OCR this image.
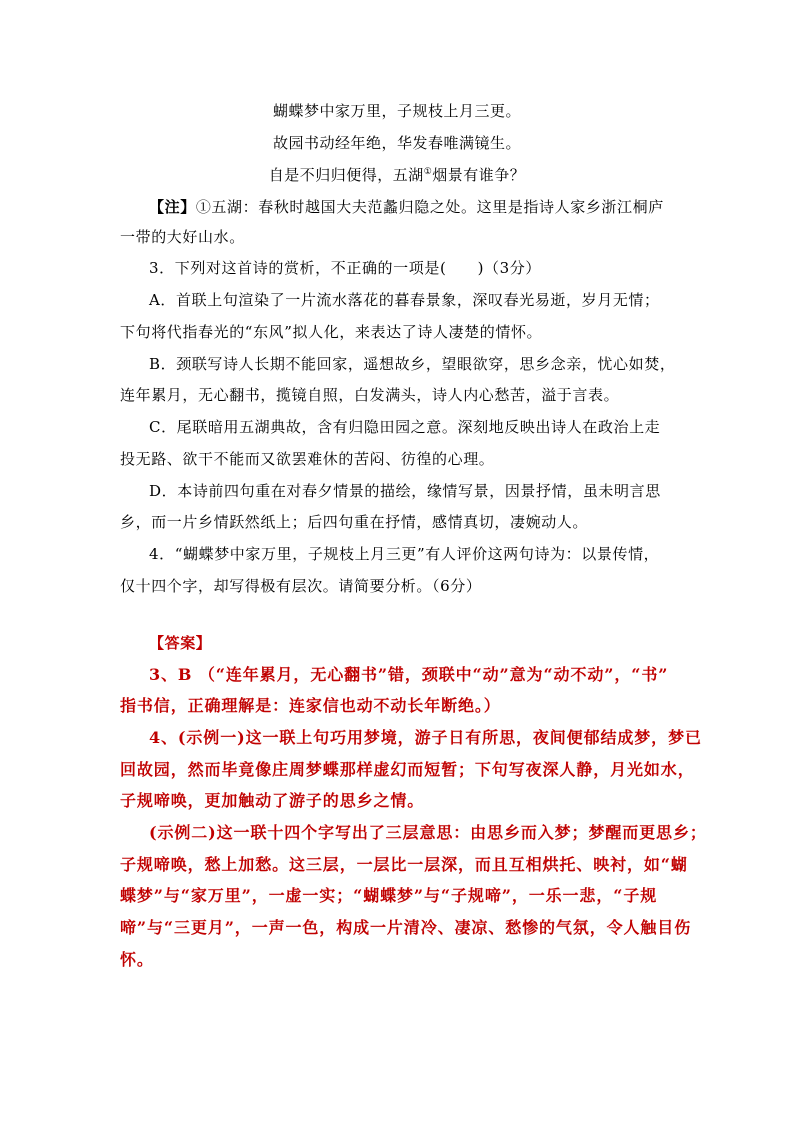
蝴蝶梦中家万里，子规枝上月三更。
故园书动经年绝，华发春唯满镜生。
自是不归归便得，五湖①烟景有谁争？
【注】①五湖：春秋时越国大夫范蠡归隐之处。这里是指诗人家乡浙江桐庐
一带的大好山水。
3．下列对这首诗的赏析，不正确的一项是(　　)（3分）
A．首联上句渲染了一片流水落花的暮春景象，深叹春光易逝，岁月无情；
下句将代指春光的“东风”拟人化，来表达了诗人凄楚的情怀。
B．颈联写诗人长期不能回家，遥想故乡，望眼欲穿，思乡念亲，忧心如焚，
连年累月，无心翻书，揽镜自照，白发满头，诗人内心愁苦，溢于言表。
C．尾联暗用五湖典故，含有归隐田园之意。深刻地反映出诗人在政治上走
投无路、欲干不能而又欲罢难休的苦闷、彷徨的心理。
D．本诗前四句重在对春夕情景的描绘，缘情写景，因景抒情，虽未明言思
乡，而一片乡情跃然纸上；后四句重在抒情，感情真切，凄婉动人。
4．“蝴蝶梦中家万里，子规枝上月三更”有人评价这两句诗为：以景传情，
仅十四个字，却写得极有层次。请简要分析。（6分）
【答案】
3、B （“连年累月，无心翻书”错，颈联中“动”意为“动不动”，“书”
指书信，正确理解是：连家信也动不动长年断绝。）
4、(示例一)这一联上句巧用梦境，游子日有所思，夜间便郁结成梦，梦已
回故园，然而毕竟像庄周梦蝶那样虚幻而短暂；下句写夜深人静，月光如水，
子规啼唤，更加触动了游子的思乡之情。
(示例二)这一联十四个字写出了三层意思：由思乡而入梦；梦醒而更思乡；
子规啼唤，愁上加愁。这三层，一层比一层深，而且互相烘托、映衬，如“蝴
蝶梦”与“家万里”，一虚一实；“蝴蝶梦”与“子规啼”，一乐一悲，“子规
啼”与“三更月”，一声一色，构成一片清冷、凄凉、愁惨的气氛，令人触目伤
怀。
